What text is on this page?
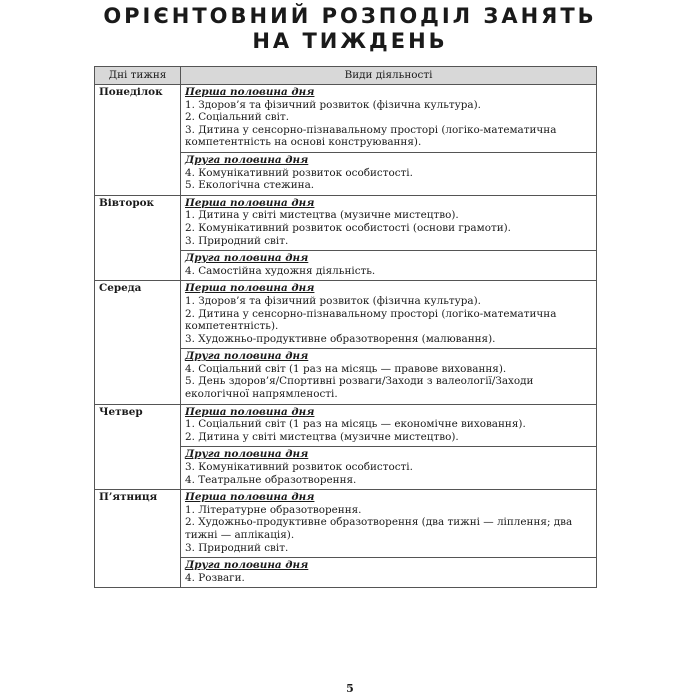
ОРІЄНТОВНИЙ РОЗПОДІЛ ЗАНЯТЬ
НА ТИЖДЕНЬ
Дні тижня	Види діяльності
Понеділок	Перша половина дня
1. Здоров’я та фізичний розвиток (фізична культура).
2. Соціальний світ.
3. Дитина у сенсорно-пізнавальному просторі (логіко-математична компетентність на основі конструювання).

	Друга половина дня
4. Комунікативний розвиток особистості.
5. Екологічна стежина.

Вівторок	Перша половина дня
1. Дитина у світі мистецтва (музичне мистецтво).
2. Комунікативний розвиток особистості (основи грамоти).
3. Природний світ.

	Друга половина дня
4. Самостійна художня діяльність.

Середа	Перша половина дня
1. Здоров’я та фізичний розвиток (фізична культура).
2. Дитина у сенсорно-пізнавальному просторі (логіко-математична компетентність).
3. Художньо-продуктивне образотворення (малювання).

	Друга половина дня
4. Соціальний світ (1 раз на місяць — правове виховання).
5. День здоров’я/Спортивні розваги/Заходи з валеології/Заходи екологічної напрямленості.

Четвер	Перша половина дня
1. Соціальний світ (1 раз на місяць — економічне виховання).
2. Дитина у світі мистецтва (музичне мистецтво).

	Друга половина дня
3. Комунікативний розвиток особистості.
4. Театральне образотворення.

П’ятниця	Перша половина дня
1. Літературне образотворення.
2. Художньо-продуктивне образотворення (два тижні — ліплення; два тижні — аплікація).
3. Природний світ.

	Друга половина дня
4. Розваги.
5
